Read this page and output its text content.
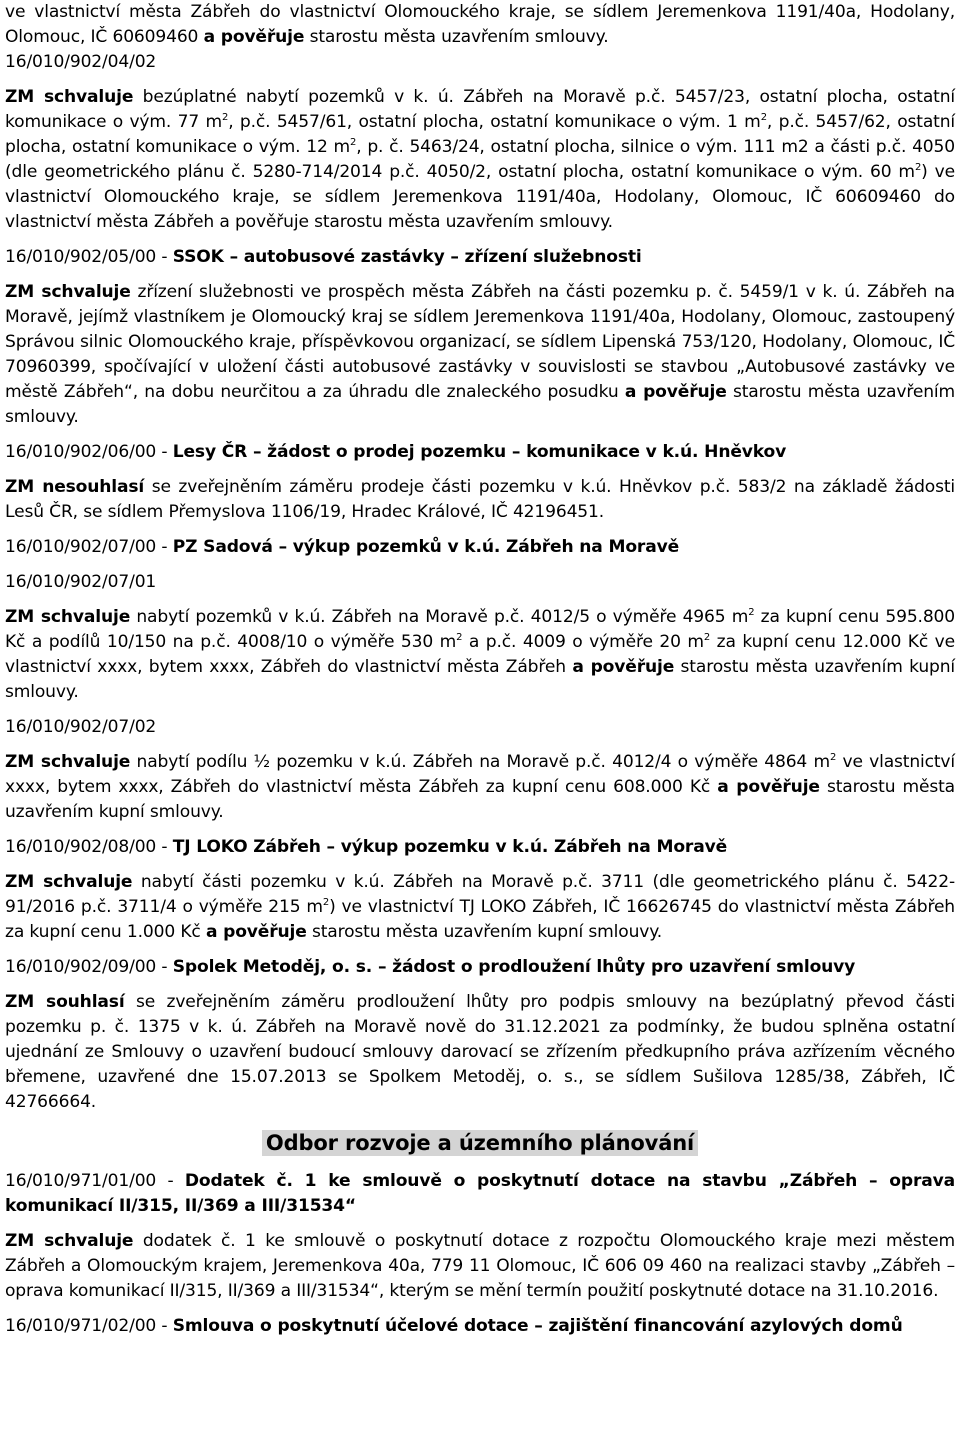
ve vlastnictví města Zábřeh do vlastnictví Olomouckého kraje, se sídlem Jeremenkova 1191/40a, Hodolany, Olomouc, IČ 60609460 a pověřuje starostu města uzavřením smlouvy.

16/010/902/04/02

ZM schvaluje bezúplatné nabytí pozemků v k. ú. Zábřeh na Moravě p.č. 5457/23, ostatní plocha, ostatní komunikace o vým. 77 $m^2$, p.č. 5457/61, ostatní plocha, ostatní komunikace o vým. 1 $m^2$, p.č. 5457/62, ostatní plocha, ostatní komunikace o vým. 12 $m^2$, p. č. 5463/24, ostatní plocha, silnice o vým. 111 m2 a části p.č. 4050 (dle geometrického plánu č. 5280-714/2014 p.č. 4050/2, ostatní plocha, ostatní komunikace o vým. 60 $m^2$) ve vlastnictví Olomouckého kraje, se sídlem Jeremenkova 1191/40a, Hodolany, Olomouc, IČ 60609460 do vlastnictví města Zábřeh a pověřuje starostu města uzavřením smlouvy.

16/010/902/05/00 - SSOK – autobusové zastávky – zřízení služebnosti

ZM schvaluje zřízení služebnosti ve prospěch města Zábřeh na části pozemku p. č. 5459/1 v k. ú. Zábřeh na Moravě, jejímž vlastníkem je Olomoucký kraj se sídlem Jeremenkova 1191/40a, Hodolany, Olomouc, zastoupený Správou silnic Olomouckého kraje, příspěvkovou organizací, se sídlem Lipenská 753/120, Hodolany, Olomouc, IČ 70960399, spočívající v uložení části autobusové zastávky v souvislosti se stavbou „Autobusové zastávky ve městě Zábřeh“, na dobu neurčitou a za úhradu dle znaleckého posudku a pověřuje starostu města uzavřením smlouvy.

16/010/902/06/00 - Lesy ČR – žádost o prodej pozemku – komunikace v k.ú. Hněvkov

ZM nesouhlasí se zveřejněním záměru prodeje části pozemku v k.ú. Hněvkov p.č. 583/2 na základě žádosti Lesů ČR, se sídlem Přemyslova 1106/19, Hradec Králové, IČ 42196451.

16/010/902/07/00 - PZ Sadová – výkup pozemků v k.ú. Zábřeh na Moravě

16/010/902/07/01

ZM schvaluje nabytí pozemků v k.ú. Zábřeh na Moravě p.č. 4012/5 o výměře 4965 $m^2$ za kupní cenu 595.800 Kč a podílů 10/150 na p.č. 4008/10 o výměře 530 $m^2$ a p.č. 4009 o výměře 20 $m^2$ za kupní cenu 12.000 Kč ve vlastnictví xxxx, bytem xxxx, Zábřeh do vlastnictví města Zábřeh a pověřuje starostu města uzavřením kupní smlouvy.

16/010/902/07/02

ZM schvaluje nabytí podílu ½ pozemku v k.ú. Zábřeh na Moravě p.č. 4012/4 o výměře 4864 $m^2$ ve vlastnictví xxxx, bytem xxxx, Zábřeh do vlastnictví města Zábřeh za kupní cenu 608.000 Kč a pověřuje starostu města uzavřením kupní smlouvy.

16/010/902/08/00 - TJ LOKO Zábřeh – výkup pozemku v k.ú. Zábřeh na Moravě

ZM schvaluje nabytí části pozemku v k.ú. Zábřeh na Moravě p.č. 3711 (dle geometrického plánu č. 5422-91/2016 p.č. 3711/4 o výměře 215 $m^2$) ve vlastnictví TJ LOKO Zábřeh, IČ 16626745 do vlastnictví města Zábřeh za kupní cenu 1.000 Kč a pověřuje starostu města uzavřením kupní smlouvy.

16/010/902/09/00 - Spolek Metoděj, o. s. – žádost o prodloužení lhůty pro uzavření smlouvy

ZM souhlasí se zveřejněním záměru prodloužení lhůty pro podpis smlouvy na bezúplatný převod části pozemku p. č. 1375 v k. ú. Zábřeh na Moravě nově do 31.12.2021 za podmínky, že budou splněna ostatní ujednání ze Smlouvy o uzavření budoucí smlouvy darovací se zřízením předkupního práva azřízením věcného břemene, uzavřené dne 15.07.2013 se Spolkem Metoděj, o. s., se sídlem Sušilova 1285/38, Zábřeh, IČ 42766664.

Odbor rozvoje a územního plánování

16/010/971/01/00 - Dodatek č. 1 ke smlouvě o poskytnutí dotace na stavbu „Zábřeh – oprava komunikací II/315, II/369 a III/31534“

ZM schvaluje dodatek č. 1 ke smlouvě o poskytnutí dotace z rozpočtu Olomouckého kraje mezi městem Zábřeh a Olomouckým krajem, Jeremenkova 40a, 779 11 Olomouc, IČ 606 09 460 na realizaci stavby „Zábřeh – oprava komunikací II/315, II/369 a III/31534“, kterým se mění termín použití poskytnuté dotace na 31.10.2016.

16/010/971/02/00 - Smlouva o poskytnutí účelové dotace – zajištění financování azylových domů
